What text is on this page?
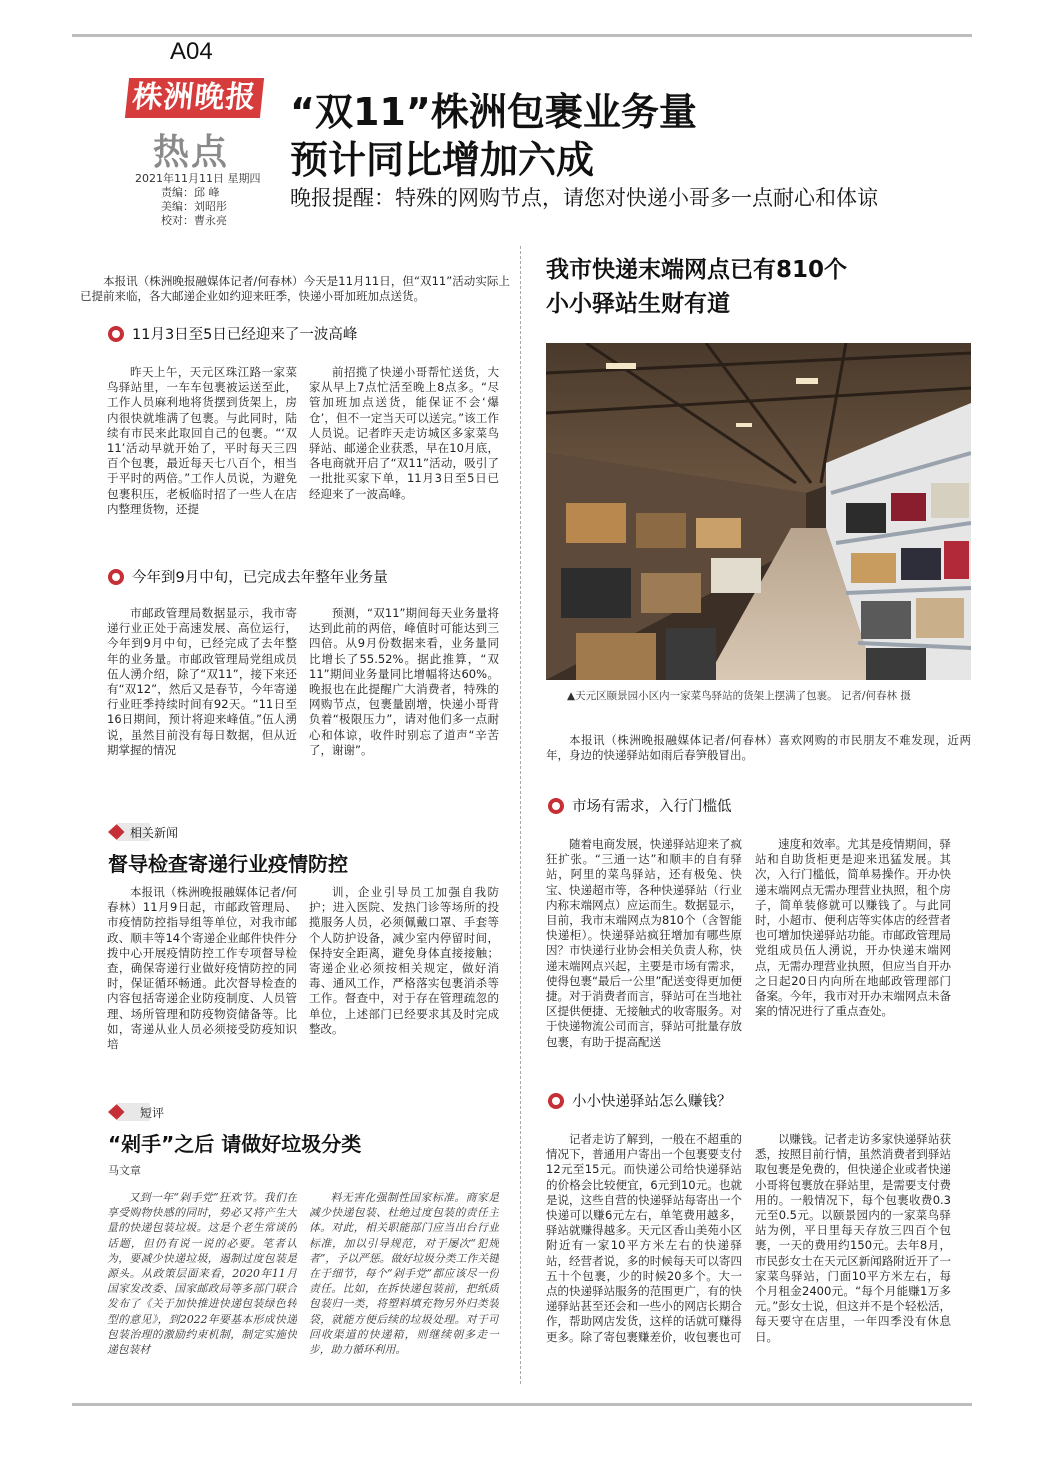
A04
株洲晚报
热点
2021年11月11日 星期四
责编：邱 峰
美编：刘昭彤
校对：曹永亮
“双11”株洲包裹业务量
预计同比增加六成
晚报提醒：特殊的网购节点，请您对快递小哥多一点耐心和体谅
本报讯（株洲晚报融媒体记者/何春林）今天是11月11日，但“双11”活动实际上已提前来临，各大邮递企业如约迎来旺季，快递小哥加班加点送货。
11月3日至5日已经迎来了一波高峰
昨天上午，天元区珠江路一家菜鸟驿站里，一车车包裹被运送至此，工作人员麻利地将货摆到货架上，房内很快就堆满了包裹。与此同时，陆续有市民来此取回自己的包裹。“‘双11’活动早就开始了，平时每天三四百个包裹，最近每天七八百个，相当于平时的两倍。”工作人员说，为避免包裹积压，老板临时招了一些人在店内整理货物，还提
前招揽了快递小哥帮忙送货，大家从早上7点忙活至晚上8点多。“尽管加班加点送货，能保证不会‘爆仓’，但不一定当天可以送完。”该工作人员说。记者昨天走访城区多家菜鸟驿站、邮递企业获悉，早在10月底，各电商就开启了“双11”活动，吸引了一批批买家下单，11月3日至5日已经迎来了一波高峰。
今年到9月中旬，已完成去年整年业务量
市邮政管理局数据显示，我市寄递行业正处于高速发展、高位运行，今年到9月中旬，已经完成了去年整年的业务量。市邮政管理局党组成员伍人湧介绍，除了“双11”，接下来还有“双12”，然后又是春节，今年寄递行业旺季持续时间有92天。“11日至16日期间，预计将迎来峰值。”伍人湧说，虽然目前没有每日数据，但从近期掌握的情况
预测，“双11”期间每天业务量将达到此前的两倍，峰值时可能达到三四倍。从9月份数据来看，业务量同比增长了55.52%。据此推算，“双11”期间业务量同比增幅将达60%。晚报也在此提醒广大消费者，特殊的网购节点，包裹量剧增，快递小哥背负着“极限压力”，请对他们多一点耐心和体谅，收件时别忘了道声“辛苦了，谢谢”。
相关新闻
督导检查寄递行业疫情防控
本报讯（株洲晚报融媒体记者/何春林）11月9日起，市邮政管理局、市疫情防控指导组等单位，对我市邮政、顺丰等14个寄递企业邮件快件分拨中心开展疫情防控工作专项督导检查，确保寄递行业做好疫情防控的同时，保证循环畅通。此次督导检查的内容包括寄递企业防疫制度、人员管理、场所管理和防疫物资储备等。比如，寄递从业人员必须接受防疫知识培
训，企业引导员工加强自我防护；进入医院、发热门诊等场所的投揽服务人员，必须佩戴口罩、手套等个人防护设备，减少室内停留时间，保持安全距离，避免身体直接接触；寄递企业必须按相关规定，做好消毒、通风工作，严格落实包裹消杀等工作。督查中，对于存在管理疏忽的单位，上述部门已经要求其及时完成整改。
短评
“剁手”之后 请做好垃圾分类
马文章
又到一年“剁手党”狂欢节。我们在享受购物快感的同时，势必又将产生大量的快递包装垃圾。这是个老生常谈的话题，但仍有说一说的必要。笔者认为，要减少快递垃圾，遏制过度包装是源头。从政策层面来看，2020年11月国家发改委、国家邮政局等多部门联合发布了《关于加快推进快递包装绿色转型的意见》，到2022年要基本形成快递包装治理的激励约束机制，制定实施快递包装材
料无害化强制性国家标准。商家是减少快递包装、杜绝过度包装的责任主体。对此，相关职能部门应当出台行业标准，加以引导规范，对于屡次“犯规者”，予以严惩。做好垃圾分类工作关键在于细节，每个“剁手党”都应该尽一份责任。比如，在拆快递包装前，把纸质包装归一类，将塑料填充物另外归类装袋，就能方便后续的垃圾处理。对于可回收渠道的快递箱，则继续朝多走一步，助力循环利用。
我市快递末端网点已有810个
小小驿站生财有道
▲天元区颐景园小区内一家菜鸟驿站的货架上摆满了包裹。 记者/何春林 摄
本报讯（株洲晚报融媒体记者/何春林）喜欢网购的市民朋友不难发现，近两年，身边的快递驿站如雨后春笋般冒出。
市场有需求，入行门槛低
随着电商发展，快递驿站迎来了疯狂扩张。“三通一达”和顺丰的自有驿站，阿里的菜鸟驿站，还有极兔、快宝、快递超市等，各种快递驿站（行业内称末端网点）应运而生。数据显示，目前，我市末端网点为810个（含智能快递柜）。快递驿站疯狂增加有哪些原因？市快递行业协会相关负责人称，快递末端网点兴起，主要是市场有需求，使得包裹“最后一公里”配送变得更加便捷。对于消费者而言，驿站可在当地社区提供便捷、无接触式的收寄服务。对于快递物流公司而言，驿站可批量存放包裹，有助于提高配送
速度和效率。尤其是疫情期间，驿站和自助货柜更是迎来迅猛发展。其次，入行门槛低，简单易操作。开办快递末端网点无需办理营业执照，租个房子，简单装修就可以赚钱了。与此同时，小超市、便利店等实体店的经营者也可增加快递驿站功能。市邮政管理局党组成员伍人湧说，开办快递末端网点，无需办理营业执照，但应当自开办之日起20日内向所在地邮政管理部门备案。今年，我市对开办末端网点未备案的情况进行了重点查处。
小小快递驿站怎么赚钱？
记者走访了解到，一般在不超重的情况下，普通用户寄出一个包裹要支付12元至15元。而快递公司给快递驿站的价格会比较便宜，6元到10元。也就是说，这些自营的快递驿站每寄出一个快递可以赚6元左右，单笔费用越多，驿站就赚得越多。天元区香山美苑小区附近有一家10平方米左右的快递驿站，经营者说，多的时候每天可以寄四五十个包裹，少的时候20多个。大一点的快递驿站服务的范围更广，有的快递驿站甚至还会和一些小的网店长期合作，帮助网店发货，这样的话就可赚得更多。除了寄包裹赚差价，收包裹也可
以赚钱。记者走访多家快递驿站获悉，按照目前行情，虽然消费者到驿站取包裹是免费的，但快递企业或者快递小哥将包裹放在驿站里，是需要支付费用的。一般情况下，每个包裹收费0.3元至0.5元。以颐景园内的一家菜鸟驿站为例，平日里每天存放三四百个包裹，一天的费用约150元。去年8月，市民彭女士在天元区新闻路附近开了一家菜鸟驿站，门面10平方米左右，每个月租金2400元。“每个月能赚1万多元。”彭女士说，但这并不是个轻松活，每天要守在店里，一年四季没有休息日。
